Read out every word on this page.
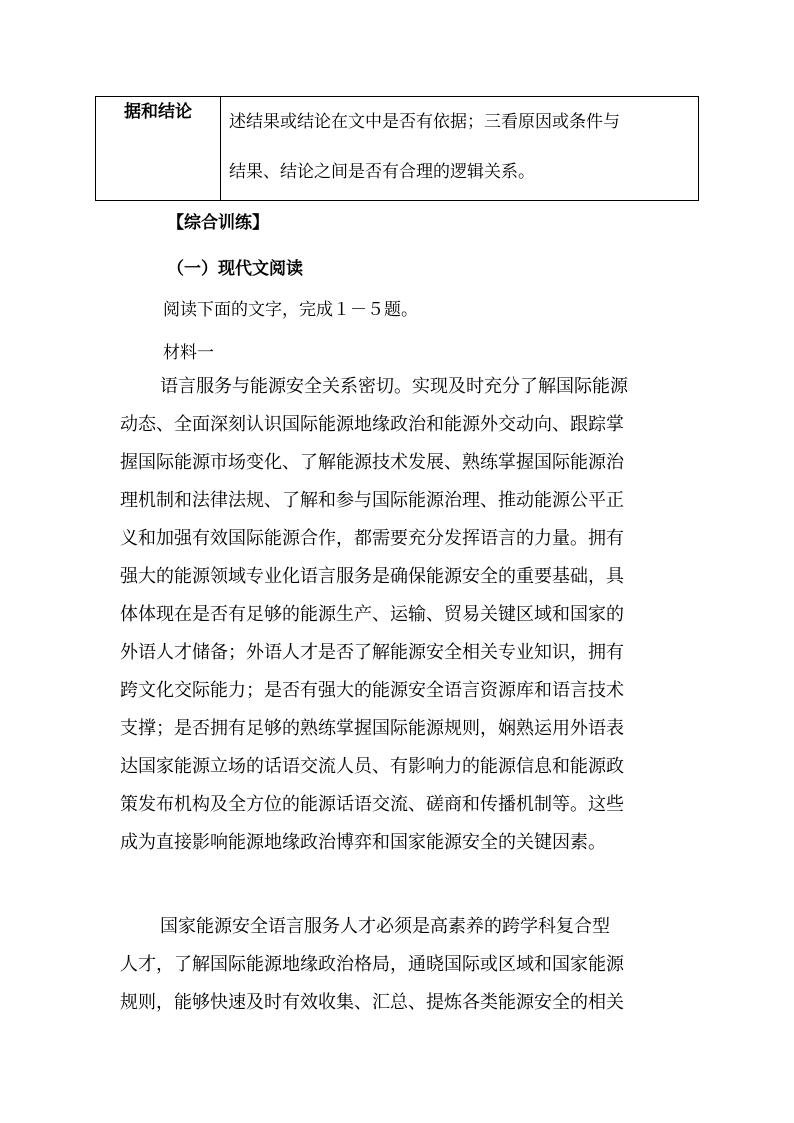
据和结论	述结果或结论在文中是否有依据；三看原因或条件与

结果、结论之间是否有合理的逻辑关系。

【综合训练】
（一）现代文阅读
阅读下面的文字，完成１－５题。
材料一
语言服务与能源安全关系密切。实现及时充分了解国际能源
动态、全面深刻认识国际能源地缘政治和能源外交动向、跟踪掌
握国际能源市场变化、了解能源技术发展、熟练掌握国际能源治
理机制和法律法规、了解和参与国际能源治理、推动能源公平正
义和加强有效国际能源合作，都需要充分发挥语言的力量。拥有
强大的能源领域专业化语言服务是确保能源安全的重要基础，具
体体现在是否有足够的能源生产、运输、贸易关键区域和国家的
外语人才储备；外语人才是否了解能源安全相关专业知识，拥有
跨文化交际能力；是否有强大的能源安全语言资源库和语言技术
支撑；是否拥有足够的熟练掌握国际能源规则，娴熟运用外语表
达国家能源立场的话语交流人员、有影响力的能源信息和能源政
策发布机构及全方位的能源话语交流、磋商和传播机制等。这些
成为直接影响能源地缘政治博弈和国家能源安全的关键因素。
国家能源安全语言服务人才必须是高素养的跨学科复合型
人才，了解国际能源地缘政治格局，通晓国际或区域和国家能源
规则，能够快速及时有效收集、汇总、提炼各类能源安全的相关
